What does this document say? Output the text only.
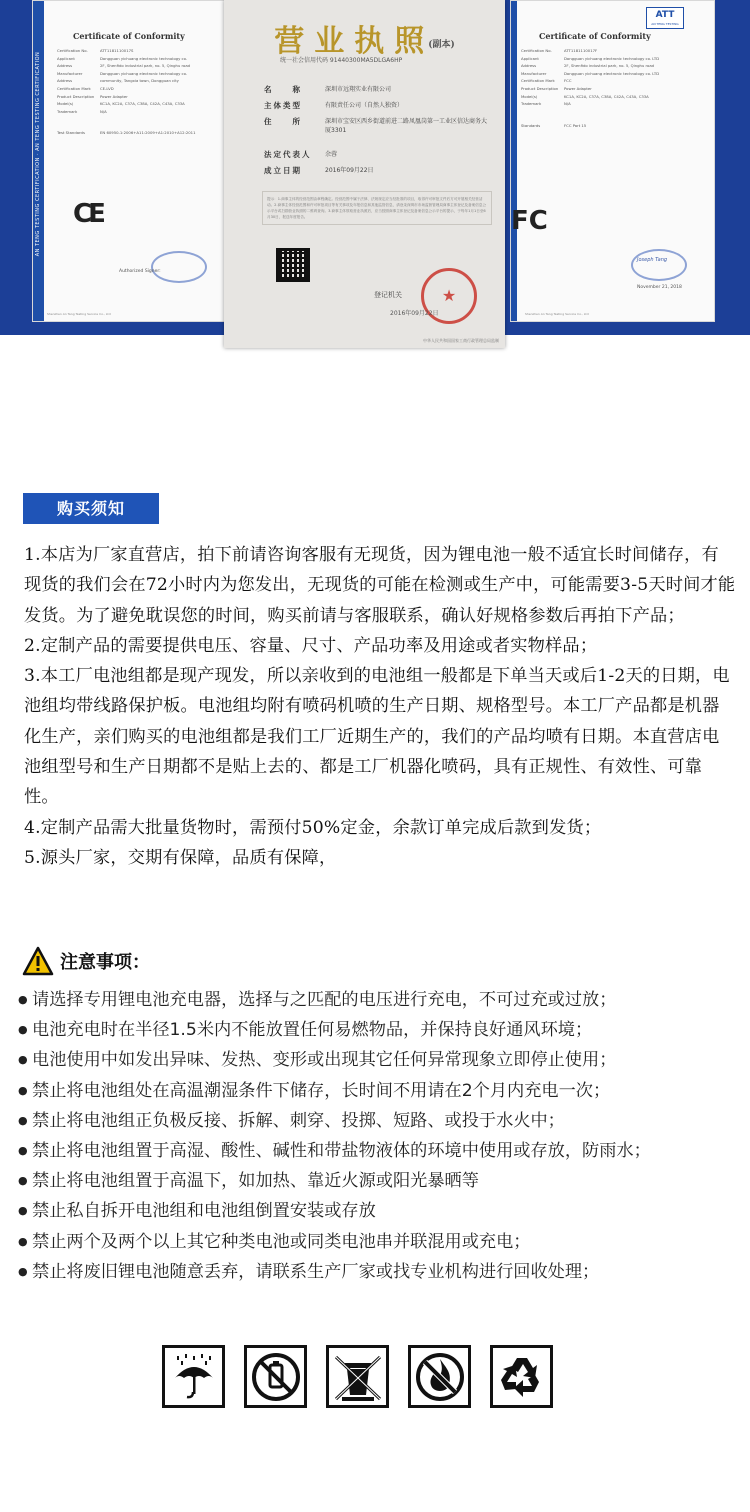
AN TENG TESTING CERTIFICATION · AN TENG TESTING CERTIFICATION
Certificate of Conformity
Certification No.	ATT1181110017S
Applicant	Dongguan yichuang electronic technology co.
Address	2F, Shenfido industrial park, no. 5, Qinghu road
Manufacturer	Dongguan yichuang electronic technology co.
Address	community, Tangxia town, Dongguan city
Certification Mark	CE-LVD
Product Description Power Adapter
Model(s)	KC1A, KC2A, C37A, C38A, C42A, C43A, C33A
Trademark	N/A
Test Standards	EN 60950-1:2006+A11:2009+A1:2010+A12:2011
CE
Authorized Signer:
Shenzhen An Teng Testing Service Co., Ltd
ATT
AN TENG TESTING
Certificate of Conformity
Certification No.	ATT1181110017F
Applicant	Dongguan yichuang electronic technology co. LTD
Address	2F, Shenfido industrial park, no. 5, Qinghu road
Manufacturer	Dongguan yichuang electronic technology co. LTD
Certification Mark	FCC
Product Description Power Adapter
Model(s)	KC1A, KC2A, C37A, C38A, C42A, C43A, C33A
Trademark	N/A
Standards	FCC Part 15
FC
Joseph Tang
November 21, 2018
Shenzhen An Teng Testing Service Co., Ltd
营业执照(副本)
统一社会信用代码 91440300MA5DLGA6HP
名　　称	深圳市远翔实业有限公司
主体类型	有限责任公司（自然人独资）
住　　所	深圳市宝安区西乡街道前进二路凤凰岗第一工业区信达商务大厦3301
法定代表人	余蓉
成立日期	2016年09月22日
提示：1.商事主体的经营范围由章程确定。经营范围中属于法律、法规规定应当经批准的项目，取得许可审批文件后方可开展相关经营活动。2.商事主体经营范围和许可审批项目等有关事项及年报信息和其他监管信息，请登录深圳市市场监督管理局商事主体登记及备案信息公示平台或扫描营业执照的二维码查询。3.商事主体领取营业执照后，应当按照商事主体登记及备案信息公示平台的提示，于每年1月1日至6月30日，报送年度报告。
★
登记机关
2016年09月22日
中华人民共和国国家工商行政管理总局监制
购买须知

1.本店为厂家直营店，拍下前请咨询客服有无现货，因为锂电池一般不适宜长时间储存，有现货的我们会在72小时内为您发出，无现货的可能在检测或生产中，可能需要3-5天时间才能发货。为了避免耽误您的时间，购买前请与客服联系，确认好规格参数后再拍下产品；

2.定制产品的需要提供电压、容量、尺寸、产品功率及用途或者实物样品；

3.本工厂电池组都是现产现发，所以亲收到的电池组一般都是下单当天或后1-2天的日期，电池组均带线路保护板。电池组均附有喷码机喷的生产日期、规格型号。本工厂产品都是机器化生产，亲们购买的电池组都是我们工厂近期生产的，我们的产品均喷有日期。本直营店电池组型号和生产日期都不是贴上去的、都是工厂机器化喷码，具有正规性、有效性、可靠性。

4.定制产品需大批量货物时，需预付50%定金，余款订单完成后款到发货；

5.源头厂家，交期有保障，品质有保障，

注意事项：
● 请选择专用锂电池充电器，选择与之匹配的电压进行充电，不可过充或过放；
● 电池充电时在半径1.5米内不能放置任何易燃物品，并保持良好通风环境；
● 电池使用中如发出异味、发热、变形或出现其它任何异常现象立即停止使用；
● 禁止将电池组处在高温潮湿条件下储存，长时间不用请在2个月内充电一次；
● 禁止将电池组正负极反接、拆解、刺穿、投掷、短路、或投于水火中；
● 禁止将电池组置于高湿、酸性、碱性和带盐物液体的环境中使用或存放，防雨水；
● 禁止将电池组置于高温下，如加热、靠近火源或阳光暴晒等
● 禁止私自拆开电池组和电池组倒置安装或存放
● 禁止两个及两个以上其它种类电池或同类电池串并联混用或充电；
● 禁止将废旧锂电池随意丢弃，请联系生产厂家或找专业机构进行回收处理；
